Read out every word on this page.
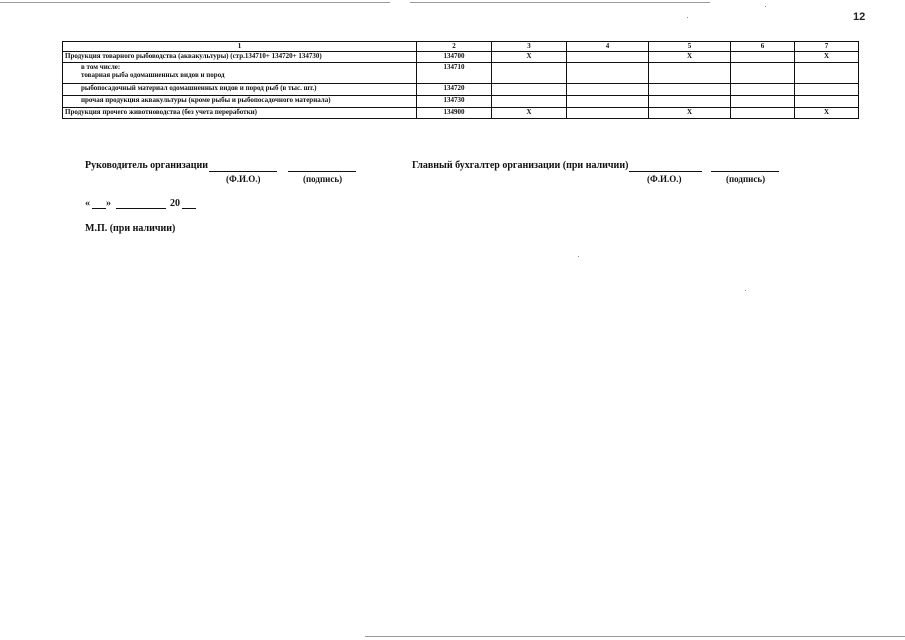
12
1	2	3	4	5	6	7
Продукция товарного рыбоводства (аквакультуры) (стр.134710+ 134720+ 134730)	134700	X		X		X

в том числе:
товарная рыба одомашненных видов и пород	134710					
рыбопосадочный материал одомашненных видов и пород рыб (в тыс. шт.)	134720					
прочая продукция аквакультуры (кроме рыбы и рыбопосадочного материала)	134730					
Продукция прочего животноводства (без учета переработки)	134900	X		X		X
Руководитель организации
(Ф.И.О.)	(подпись)
Главный бухгалтер организации (при наличии)
(Ф.И.О.)	(подпись)
« »	20
М.П. (при наличии)
